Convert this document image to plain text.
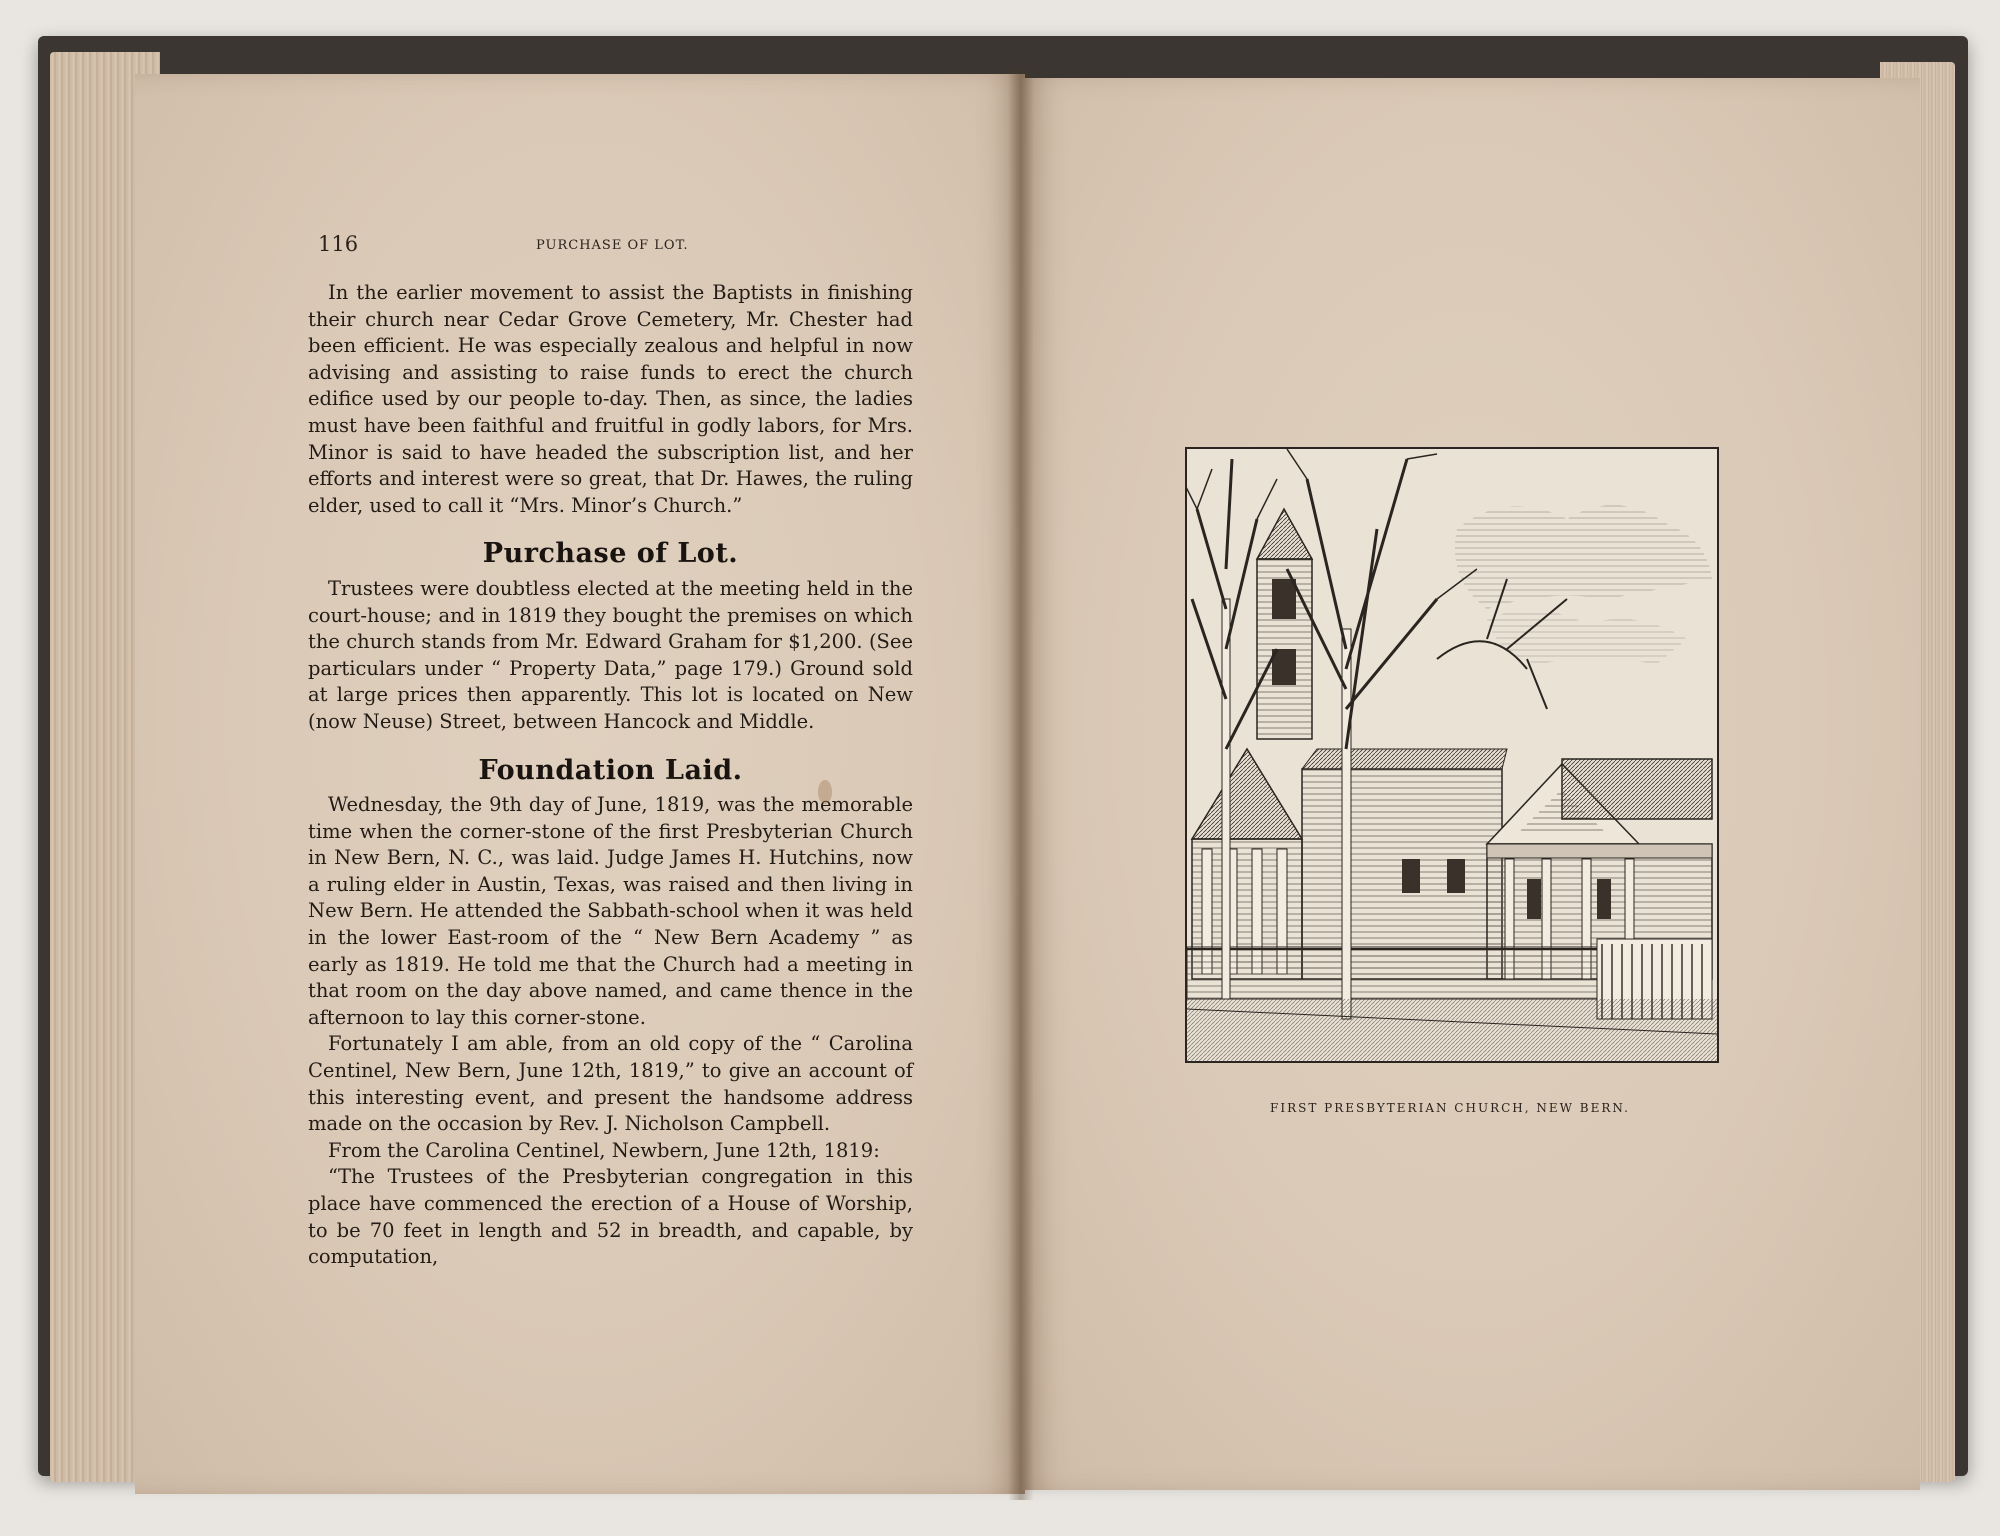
116	PURCHASE OF LOT.

In the earlier movement to assist the Baptists in finishing their church near Cedar Grove Cemetery, Mr. Chester had been efficient. He was especially zealous and helpful in now advising and assisting to raise funds to erect the church edifice used by our people to-day. Then, as since, the ladies must have been faithful and fruitful in godly labors, for Mrs. Minor is said to have headed the subscription list, and her efforts and interest were so great, that Dr. Hawes, the ruling elder, used to call it “Mrs. Minor’s Church.”

Purchase of Lot.

Trustees were doubtless elected at the meeting held in the court-house; and in 1819 they bought the premises on which the church stands from Mr. Edward Graham for $1,200. (See particulars under “ Property Data,” page 179.) Ground sold at large prices then apparently. This lot is located on New (now Neuse) Street, between Hancock and Middle.

Foundation Laid.

Wednesday, the 9th day of June, 1819, was the memorable time when the corner-stone of the first Presbyterian Church in New Bern, N. C., was laid. Judge James H. Hutchins, now a ruling elder in Austin, Texas, was raised and then living in New Bern. He attended the Sabbath-school when it was held in the lower East-room of the “ New Bern Academy ” as early as 1819. He told me that the Church had a meeting in that room on the day above named, and came thence in the afternoon to lay this corner-stone.

Fortunately I am able, from an old copy of the “ Carolina Centinel, New Bern, June 12th, 1819,” to give an account of this interesting event, and present the handsome address made on the occasion by Rev. J. Nicholson Campbell.

From the Carolina Centinel, Newbern, June 12th, 1819:

“The Trustees of the Presbyterian congregation in this place have commenced the erection of a House of Worship, to be 70 feet in length and 52 in breadth, and capable, by computation,

FIRST PRESBYTERIAN CHURCH, NEW BERN.
